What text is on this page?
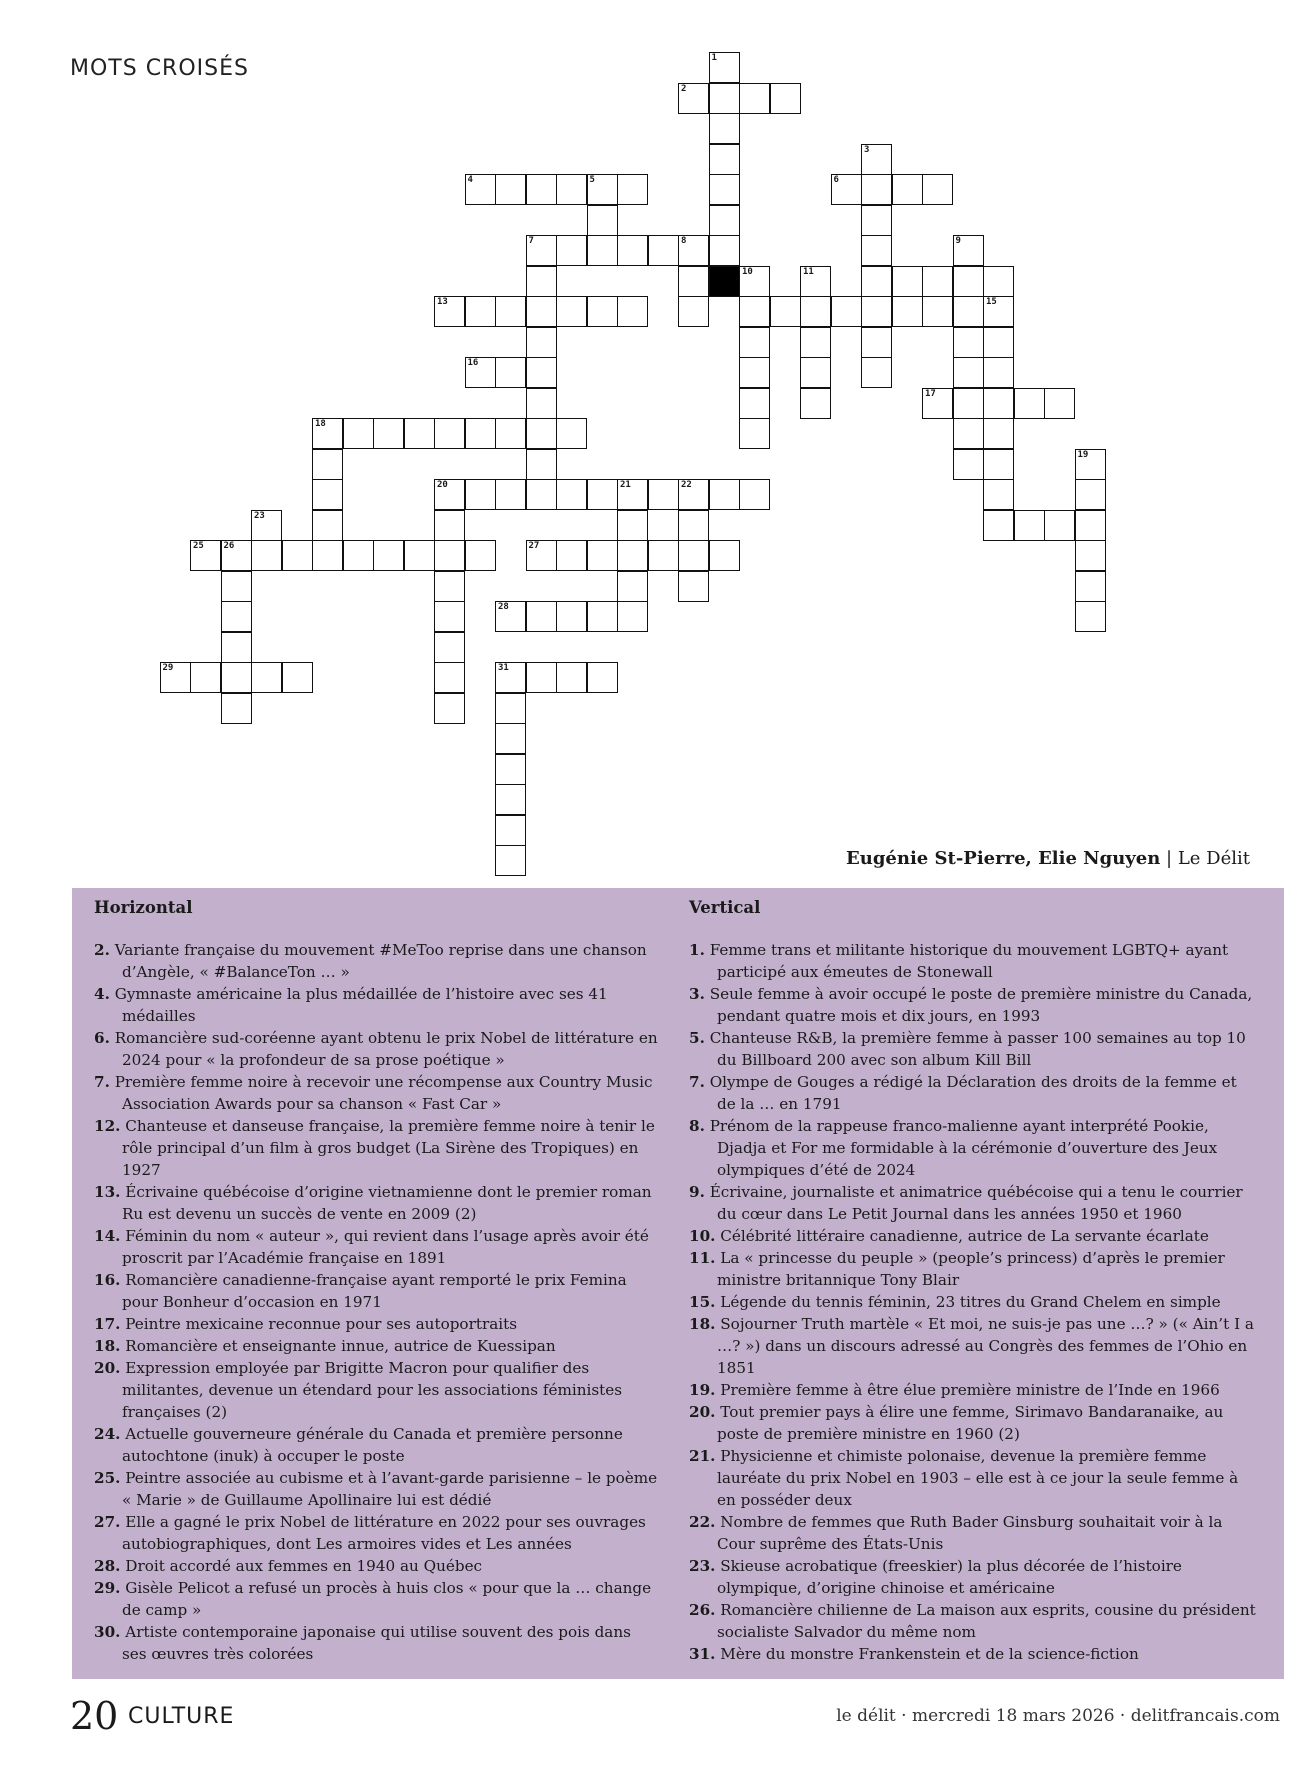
MOTS CROISÉS	1
2
3
4	5	6
7	8	9
10	11
13	15
16
17
18
19
20	21	22
23
25 26	27
28
29	31
Eugénie St-Pierre, Elie Nguyen | Le Délit
Horizontal

2. Variante française du mouvement #MeToo reprise dans une chanson d’Angèle, « #BalanceTon … »

4. Gymnaste américaine la plus médaillée de l’histoire avec ses 41 médailles

6. Romancière sud-coréenne ayant obtenu le prix Nobel de littérature en 2024 pour « la profondeur de sa prose poétique »

7. Première femme noire à recevoir une récompense aux Country Music Association Awards pour sa chanson « Fast Car »

12. Chanteuse et danseuse française, la première femme noire à tenir le rôle principal d’un film à gros budget (La Sirène des Tropiques) en 1927

13. Écrivaine québécoise d’origine vietnamienne dont le premier roman Ru est devenu un succès de vente en 2009 (2)

14. Féminin du nom « auteur », qui revient dans l’usage après avoir été proscrit par l’Académie française en 1891

16. Romancière canadienne-française ayant remporté le prix Femina pour Bonheur d’occasion en 1971

17. Peintre mexicaine reconnue pour ses autoportraits

18. Romancière et enseignante innue, autrice de Kuessipan

20. Expression employée par Brigitte Macron pour qualifier des militantes, devenue un étendard pour les associations féministes françaises (2)

24. Actuelle gouverneure générale du Canada et première personne autochtone (inuk) à occuper le poste

25. Peintre associée au cubisme et à l’avant-garde parisienne – le poème « Marie » de Guillaume Apollinaire lui est dédié

27. Elle a gagné le prix Nobel de littérature en 2022 pour ses ouvrages autobiographiques, dont Les armoires vides et Les années

28. Droit accordé aux femmes en 1940 au Québec

29. Gisèle Pelicot a refusé un procès à huis clos « pour que la … change de camp »

30. Artiste contemporaine japonaise qui utilise souvent des pois dans ses œuvres très colorées

Vertical

1. Femme trans et militante historique du mouvement LGBTQ+ ayant participé aux émeutes de Stonewall

3. Seule femme à avoir occupé le poste de première ministre du Canada, pendant quatre mois et dix jours, en 1993

5. Chanteuse R&B, la première femme à passer 100 semaines au top 10 du Billboard 200 avec son album Kill Bill

7. Olympe de Gouges a rédigé la Déclaration des droits de la femme et de la … en 1791

8. Prénom de la rappeuse franco-malienne ayant interprété Pookie, Djadja et For me formidable à la cérémonie d’ouverture des Jeux olympiques d’été de 2024

9. Écrivaine, journaliste et animatrice québécoise qui a tenu le courrier du cœur dans Le Petit Journal dans les années 1950 et 1960

10. Célébrité littéraire canadienne, autrice de La servante écarlate

11. La « princesse du peuple » (people’s princess) d’après le premier ministre britannique Tony Blair

15. Légende du tennis féminin, 23 titres du Grand Chelem en simple

18. Sojourner Truth martèle « Et moi, ne suis-je pas une …? » (« Ain’t I a …? ») dans un discours adressé au Congrès des femmes de l’Ohio en 1851

19. Première femme à être élue première ministre de l’Inde en 1966

20. Tout premier pays à élire une femme, Sirimavo Bandaranaike, au poste de première ministre en 1960 (2)

21. Physicienne et chimiste polonaise, devenue la première femme lauréate du prix Nobel en 1903 – elle est à ce jour la seule femme à en posséder deux

22. Nombre de femmes que Ruth Bader Ginsburg souhaitait voir à la Cour suprême des États-Unis

23. Skieuse acrobatique (freeskier) la plus décorée de l’histoire olympique, d’origine chinoise et américaine

26. Romancière chilienne de La maison aux esprits, cousine du président socialiste Salvador du même nom

31. Mère du monstre Frankenstein et de la science-fiction

20 CULTURE	le délit · mercredi 18 mars 2026 · delitfrancais.com
